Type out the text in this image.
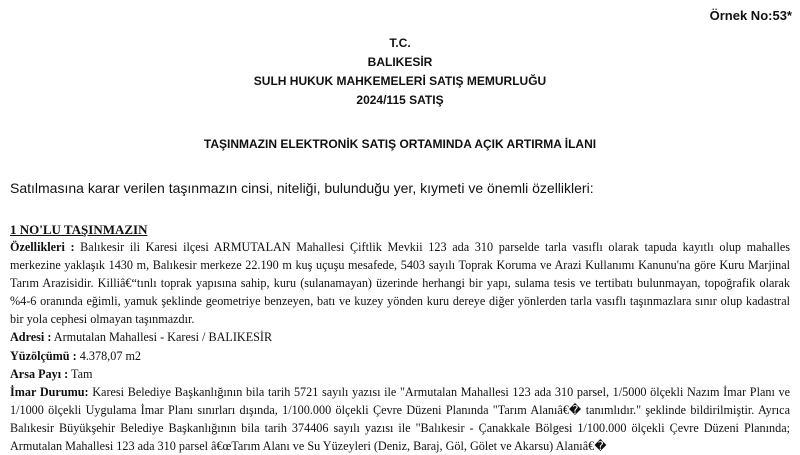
Örnek No:53*
T.C.
BALIKESİR
SULH HUKUK MAHKEMELERİ SATIŞ MEMURLUĞU
2024/115 SATIŞ
TAŞINMAZIN ELEKTRONİK SATIŞ ORTAMINDA AÇIK ARTIRMA İLANI
Satılmasına karar verilen taşınmazın cinsi, niteliği, bulunduğu yer, kıymeti ve önemli özellikleri:

1 NO'LU TAŞINMAZIN

Özellikleri : Balıkesir ili Karesi ilçesi ARMUTALAN Mahallesi Çiftlik Mevkii 123 ada 310 parselde tarla vasıflı olarak tapuda kayıtlı olup mahalles merkezine yaklaşık 1430 m, Balıkesir merkeze 22.190 m kuş uçuşu mesafede, 5403 sayılı Toprak Koruma ve Arazi Kullanımı Kanunu'na göre Kuru Marjinal Tarım Arazisidir. Killiâ€“tınlı toprak yapısına sahip, kuru (sulanamayan) üzerinde herhangi bir yapı, sulama tesis ve tertibatı bulunmayan, topoğrafik olarak %4-6 oranında eğimli, yamuk şeklinde geometriye benzeyen, batı ve kuzey yönden kuru dereye diğer yönlerden tarla vasıflı taşınmazlara sınır olup kadastral bir yola cephesi olmayan taşınmazdır.

Adresi : Armutalan Mahallesi - Karesi / BALIKESİR

Yüzölçümü : 4.378,07 m2

Arsa Payı : Tam

İmar Durumu: Karesi Belediye Başkanlığının bila tarih 5721 sayılı yazısı ile "Armutalan Mahallesi 123 ada 310 parsel, 1/5000 ölçekli Nazım İmar Planı ve 1/1000 ölçekli Uygulama İmar Planı sınırları dışında, 1/100.000 ölçekli Çevre Düzeni Planında "Tarım Alanıâ€� tanımlıdır." şeklinde bildirilmiştir. Ayrıca Balıkesir Büyükşehir Belediye Başkanlığının bila tarih 374406 sayılı yazısı ile "Balıkesir - Çanakkale Bölgesi 1/100.000 ölçekli Çevre Düzeni Planında; Armutalan Mahallesi 123 ada 310 parsel â€œTarım Alanı ve Su Yüzeyleri (Deniz, Baraj, Göl, Gölet ve Akarsu) Alanıâ€�
